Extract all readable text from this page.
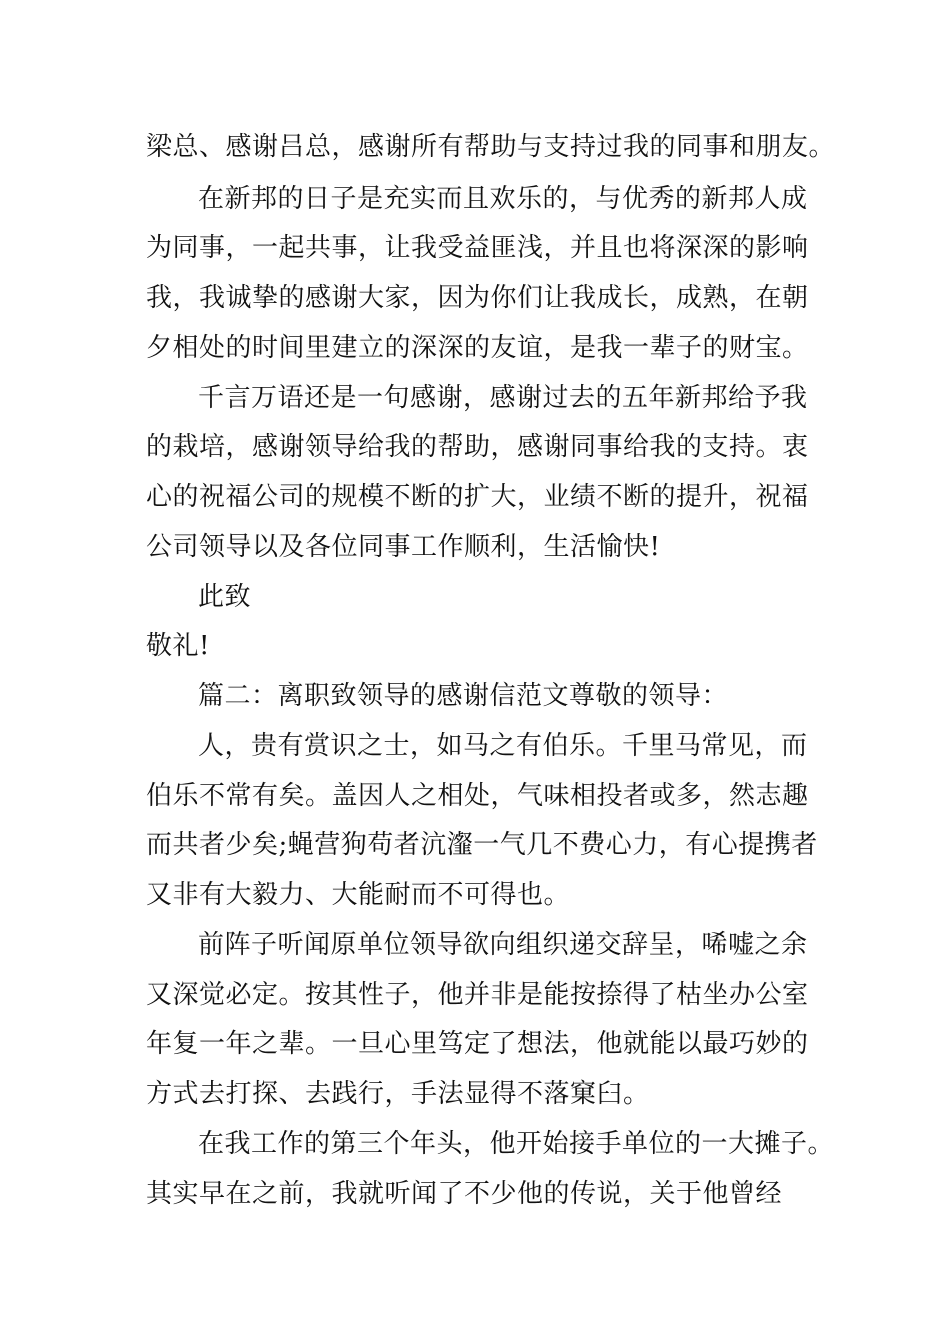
梁总、感谢吕总，感谢所有帮助与支持过我的同事和朋友。
在新邦的日子是充实而且欢乐的，与优秀的新邦人成
为同事，一起共事，让我受益匪浅，并且也将深深的影响
我，我诚挚的感谢大家，因为你们让我成长，成熟，在朝
夕相处的时间里建立的深深的友谊，是我一辈子的财宝。
千言万语还是一句感谢，感谢过去的五年新邦给予我
的栽培，感谢领导给我的帮助，感谢同事给我的支持。衷
心的祝福公司的规模不断的扩大，业绩不断的提升，祝福
公司领导以及各位同事工作顺利，生活愉快!
此致
敬礼!
篇二：离职致领导的感谢信范文尊敬的领导：
人，贵有赏识之士，如马之有伯乐。千里马常见，而
伯乐不常有矣。盖因人之相处，气味相投者或多，然志趣
而共者少矣;蝇营狗苟者沆瀣一气几不费心力，有心提携者
又非有大毅力、大能耐而不可得也。
前阵子听闻原单位领导欲向组织递交辞呈，唏嘘之余
又深觉必定。按其性子，他并非是能按捺得了枯坐办公室
年复一年之辈。一旦心里笃定了想法，他就能以最巧妙的
方式去打探、去践行，手法显得不落窠臼。
在我工作的第三个年头，他开始接手单位的一大摊子。
其实早在之前，我就听闻了不少他的传说，关于他曾经
